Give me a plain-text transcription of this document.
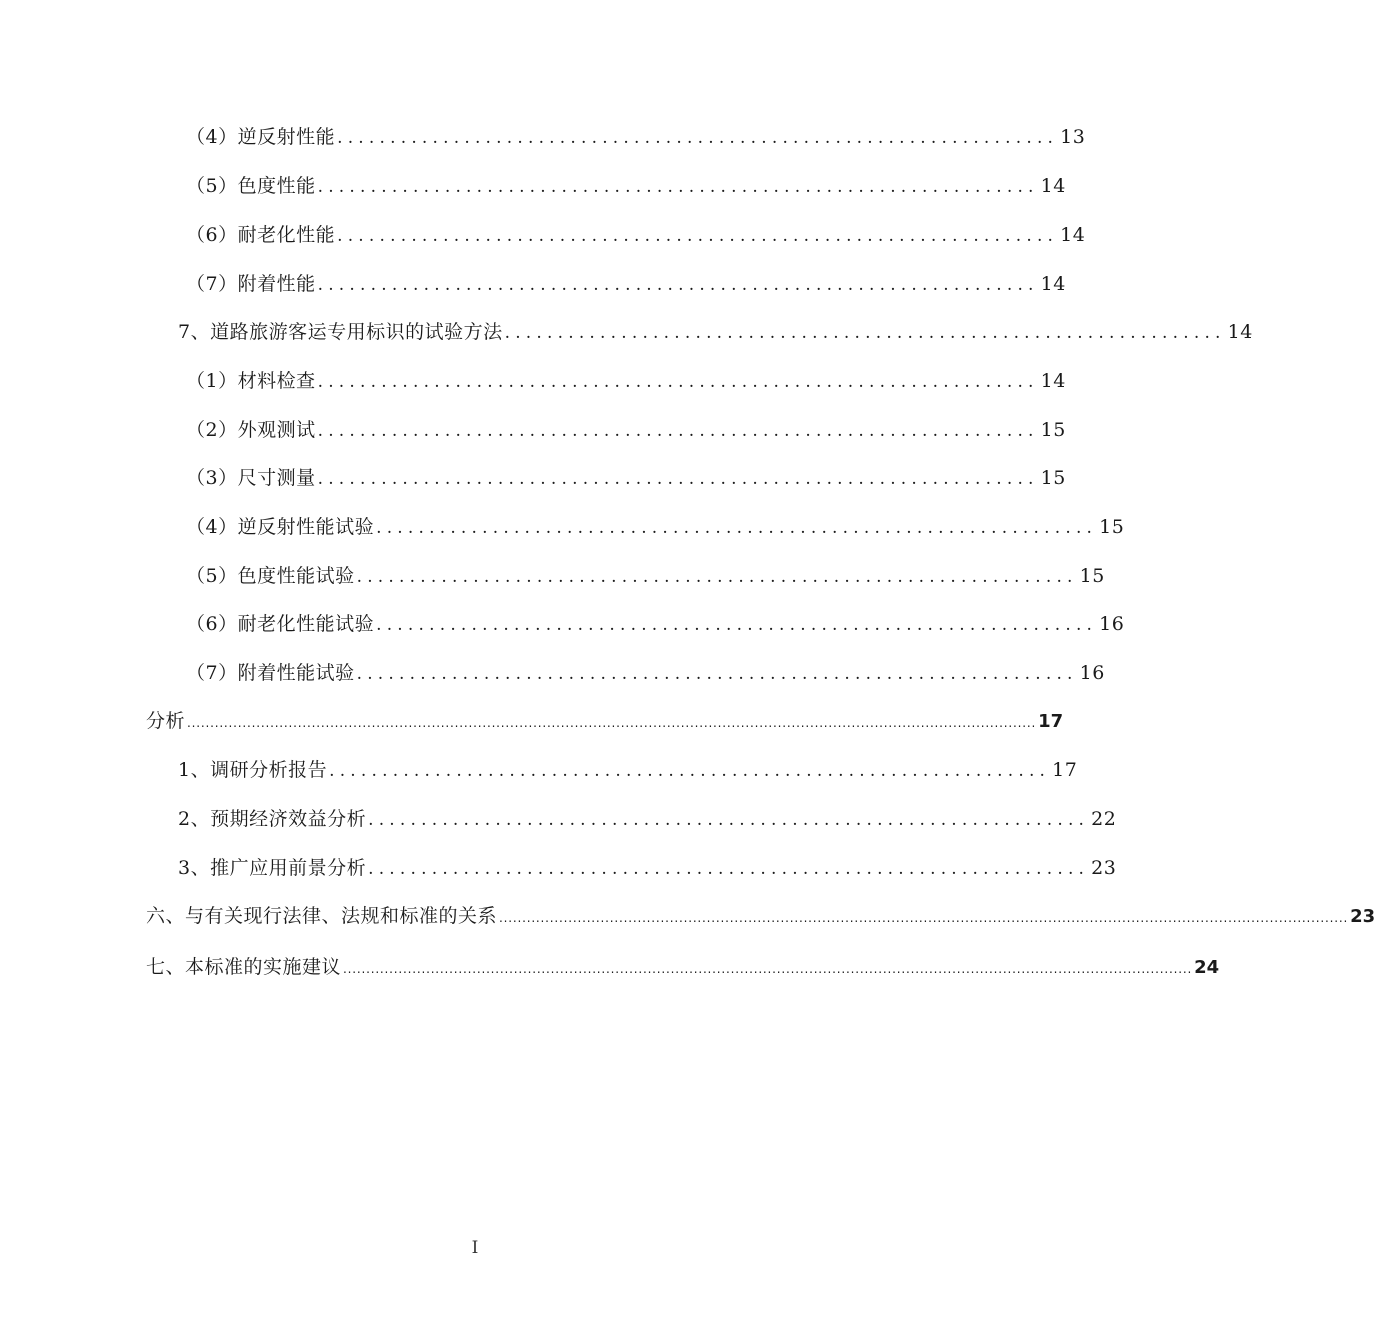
（4）逆反射性能 .................................................................... 13
（5）色度性能 .................................................................... 14
（6）耐老化性能 .................................................................... 14
（7）附着性能 .................................................................... 14
7、道路旅游客运专用标识的试验方法 .................................................................... 14
（1）材料检查 .................................................................... 14
（2）外观测试 .................................................................... 15
（3）尺寸测量 .................................................................... 15
（4）逆反射性能试验 .................................................................... 15
（5）色度性能试验 .................................................................... 15
（6）耐老化性能试验 .................................................................... 16
（7）附着性能试验 .................................................................... 16
分析 ........................................................................................................................................................................................ 17
1、调研分析报告 .................................................................... 17
2、预期经济效益分析 .................................................................... 22
3、推广应用前景分析 .................................................................... 23
六、与有关现行法律、法规和标准的关系 ........................................................................................................................................................................................ 23
七、本标准的实施建议 ........................................................................................................................................................................................ 24
I
